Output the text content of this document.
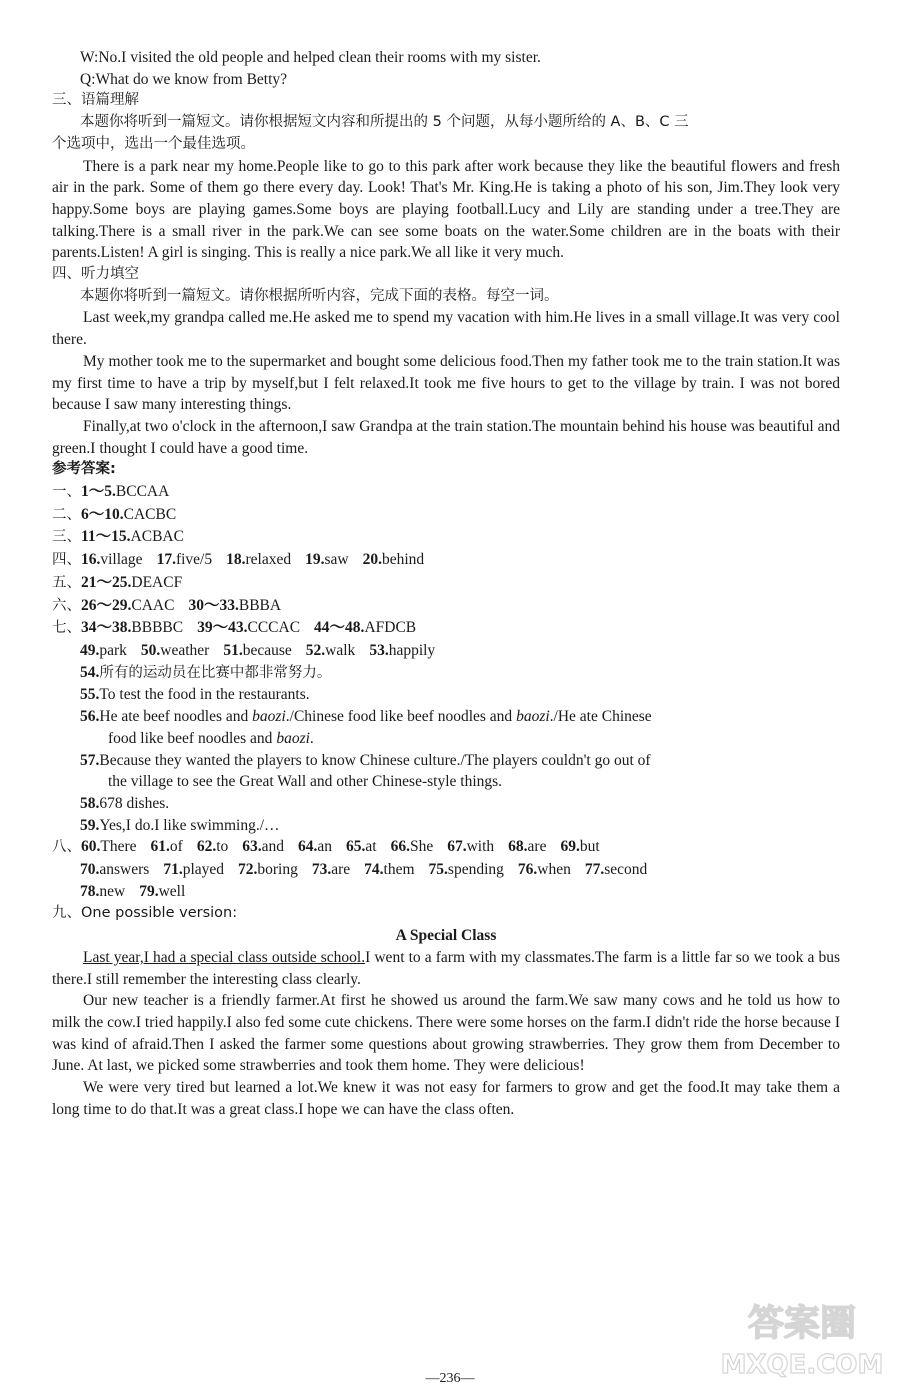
W:No.I visited the old people and helped clean their rooms with my sister.
Q:What do we know from Betty?
三、语篇理解
本题你将听到一篇短文。请你根据短文内容和所提出的 5 个问题，从每小题所给的 A、B、C 三
个选项中，选出一个最佳选项。

There is a park near my home.People like to go to this park after work because they like the beautiful flowers and fresh air in the park. Some of them go there every day. Look! That's Mr. King.He is taking a photo of his son, Jim.They look very happy.Some boys are playing games.Some boys are playing football.Lucy and Lily are standing under a tree.They are talking.There is a small river in the park.We can see some boats on the water.Some children are in the boats with their parents.Listen! A girl is singing. This is really a nice park.We all like it very much.

四、听力填空
本题你将听到一篇短文。请你根据所听内容，完成下面的表格。每空一词。

Last week,my grandpa called me.He asked me to spend my vacation with him.He lives in a small village.It was very cool there.

My mother took me to the supermarket and bought some delicious food.Then my father took me to the train station.It was my first time to have a trip by myself,but I felt relaxed.It took me five hours to get to the village by train. I was not bored because I saw many interesting things.

Finally,at two o'clock in the afternoon,I saw Grandpa at the train station.The mountain behind his house was beautiful and green.I thought I could have a good time.

参考答案:
一、1～5.BCCAA
二、6～10.CACBC
三、11～15.ACBAC
四、16.village 17.five/5 18.relaxed 19.saw 20.behind
五、21～25.DEACF
六、26～29.CAAC 30～33.BBBA
七、34～38.BBBBC 39～43.CCCAC 44～48.AFDCB
49.park 50.weather 51.because 52.walk 53.happily
54.所有的运动员在比赛中都非常努力。
55.To test the food in the restaurants.
56.He ate beef noodles and baozi./Chinese food like beef noodles and baozi./He ate Chinese
food like beef noodles and baozi.
57.Because they wanted the players to know Chinese culture./The players couldn't go out of
the village to see the Great Wall and other Chinese-style things.
58.678 dishes.
59.Yes,I do.I like swimming./…
八、60.There 61.of 62.to 63.and 64.an 65.at 66.She 67.with 68.are 69.but
70.answers 71.played 72.boring 73.are 74.them 75.spending 76.when 77.second
78.new 79.well
九、One possible version:
A Special Class

Last year,I had a special class outside school.I went to a farm with my classmates.The farm is a little far so we took a bus there.I still remember the interesting class clearly.

Our new teacher is a friendly farmer.At first he showed us around the farm.We saw many cows and he told us how to milk the cow.I tried happily.I also fed some cute chickens. There were some horses on the farm.I didn't ride the horse because I was kind of afraid.Then I asked the farmer some questions about growing strawberries. They grow them from December to June. At last, we picked some strawberries and took them home. They were delicious!

We were very tired but learned a lot.We knew it was not easy for farmers to grow and get the food.It may take them a long time to do that.It was a great class.I hope we can have the class often.

—236—
答案圈
MXQE.COM
